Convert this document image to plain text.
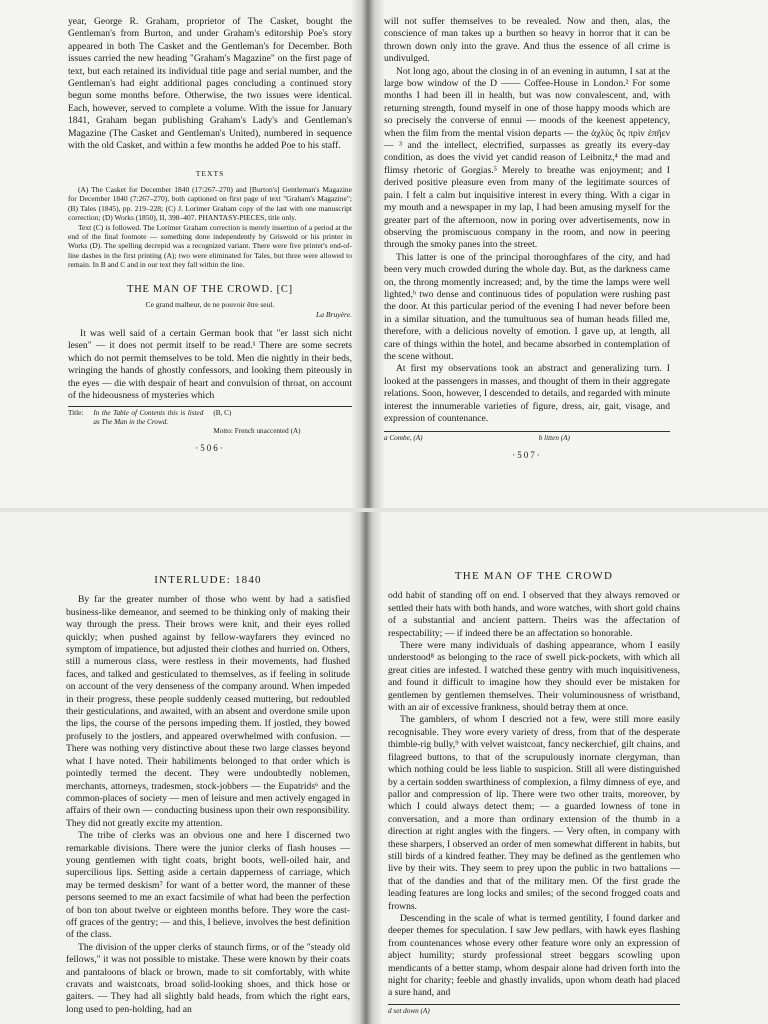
year, George R. Graham, proprietor of The Casket, bought the Gentleman's from Burton, and under Graham's editorship Poe's story appeared in both The Casket and the Gentleman's for December. Both issues carried the new heading "Graham's Magazine" on the first page of text, but each retained its individual title page and serial number, and the Gentleman's had eight additional pages concluding a continued story begun some months before. Otherwise, the two issues were identical. Each, however, served to complete a volume. With the issue for January 1841, Graham began publishing Graham's Lady's and Gentleman's Magazine (The Casket and Gentleman's United), numbered in sequence with the old Casket, and within a few months he added Poe to his staff.

TEXTS

(A) The Casket for December 1840 (17:267–270) and [Burton's] Gentleman's Magazine for December 1840 (7:267–270), both captioned on first page of text "Graham's Magazine"; (B) Tales (1845), pp. 219–228; (C) J. Lorimer Graham copy of the last with one manuscript correction; (D) Works (1850), II, 398–407. PHANTASY-PIECES, title only.

Text (C) is followed. The Lorimer Graham correction is merely insertion of a period at the end of the final footnote — something done independently by Griswold or his printer in Works (D). The spelling decrepid was a recognized variant. There were five printer's end-of-line dashes in the first printing (A); two were eliminated for Tales, but three were allowed to remain. In B and C and in our text they fall within the line.

THE MAN OF THE CROWD. [C]
Ce grand malheur, de ne pouvoir être seul.
La Bruyère.

It was well said of a certain German book that "er lasst sich nicht lesen" — it does not permit itself to be read.¹ There are some secrets which do not permit themselves to be told. Men die nightly in their beds, wringing the hands of ghostly confessors, and looking them piteously in the eyes — die with despair of heart and convulsion of throat, on account of the hideousness of mysteries which

Title:	In the Table of Contents this is listed as The Man in the Crowd.	(B, C)
		Motto: French unaccented (A)
·506·

will not suffer themselves to be revealed. Now and then, alas, the conscience of man takes up a burthen so heavy in horror that it can be thrown down only into the grave. And thus the essence of all crime is undivulged.

Not long ago, about the closing in of an evening in autumn, I sat at the large bow window of the D —— Coffee-House in London.² For some months I had been ill in health, but was now convalescent, and, with returning strength, found myself in one of those happy moods which are so precisely the converse of ennui — moods of the keenest appetency, when the film from the mental vision departs — the ἀχλὺς ὃς πρὶν ἐπῆεν — ³ and the intellect, electrified, surpasses as greatly its every-day condition, as does the vivid yet candid reason of Leibnitz,⁴ the mad and flimsy rhetoric of Gorgias.⁵ Merely to breathe was enjoyment; and I derived positive pleasure even from many of the legitimate sources of pain. I felt a calm but inquisitive interest in every thing. With a cigar in my mouth and a newspaper in my lap, I had been amusing myself for the greater part of the afternoon, now in poring over advertisements, now in observing the promiscuous company in the room, and now in peering through the smoky panes into the street.

This latter is one of the principal thoroughfares of the city, and had been very much crowded during the whole day. But, as the darkness came on, the throng momently increased; and, by the time the lamps were well lighted,ᵇ two dense and continuous tides of population were rushing past the door. At this particular period of the evening I had never before been in a similar situation, and the tumultuous sea of human heads filled me, therefore, with a delicious novelty of emotion. I gave up, at length, all care of things within the hotel, and became absorbed in contemplation of the scene without.

At first my observations took an abstract and generalizing turn. I looked at the passengers in masses, and thought of them in their aggregate relations. Soon, however, I descended to details, and regarded with minute interest the innumerable varieties of figure, dress, air, gait, visage, and expression of countenance.

a Combe, (A)	b litten (A)
·507·
INTERLUDE: 1840

By far the greater number of those who went by had a satisfied business-like demeanor, and seemed to be thinking only of making their way through the press. Their brows were knit, and their eyes rolled quickly; when pushed against by fellow-wayfarers they evinced no symptom of impatience, but adjusted their clothes and hurried on. Others, still a numerous class, were restless in their movements, had flushed faces, and talked and gesticulated to themselves, as if feeling in solitude on account of the very denseness of the company around. When impeded in their progress, these people suddenly ceased muttering, but redoubled their gesticulations, and awaited, with an absent and overdone smile upon the lips, the course of the persons impeding them. If jostled, they bowed profusely to the jostlers, and appeared overwhelmed with confusion. — There was nothing very distinctive about these two large classes beyond what I have noted. Their habiliments belonged to that order which is pointedly termed the decent. They were undoubtedly noblemen, merchants, attorneys, tradesmen, stock-jobbers — the Eupatrids⁶ and the common-places of society — men of leisure and men actively engaged in affairs of their own — conducting business upon their own responsibility. They did not greatly excite my attention.

The tribe of clerks was an obvious one and here I discerned two remarkable divisions. There were the junior clerks of flash houses — young gentlemen with tight coats, bright boots, well-oiled hair, and supercilious lips. Setting aside a certain dapperness of carriage, which may be termed deskism⁷ for want of a better word, the manner of these persons seemed to me an exact facsimile of what had been the perfection of bon ton about twelve or eighteen months before. They wore the cast-off graces of the gentry; — and this, I believe, involves the best definition of the class.

The division of the upper clerks of staunch firms, or of the "steady old fellows," it was not possible to mistake. These were known by their coats and pantaloons of black or brown, made to sit comfortably, with white cravats and waistcoats, broad solid-looking shoes, and thick hose or gaiters. — They had all slightly bald heads, from which the right ears, long used to pen-holding, had an

THE MAN OF THE CROWD

odd habit of standing off on end. I observed that they always removed or settled their hats with both hands, and wore watches, with short gold chains of a substantial and ancient pattern. Theirs was the affectation of respectability; — if indeed there be an affectation so honorable.

There were many individuals of dashing appearance, whom I easily understood⁸ as belonging to the race of swell pick-pockets, with which all great cities are infested. I watched these gentry with much inquisitiveness, and found it difficult to imagine how they should ever be mistaken for gentlemen by gentlemen themselves. Their voluminousness of wristband, with an air of excessive frankness, should betray them at once.

The gamblers, of whom I descried not a few, were still more easily recognisable. They wore every variety of dress, from that of the desperate thimble-rig bully,⁹ with velvet waistcoat, fancy neckerchief, gilt chains, and filagreed buttons, to that of the scrupulously inornate clergyman, than which nothing could be less liable to suspicion. Still all were distinguished by a certain sodden swarthiness of complexion, a filmy dimness of eye, and pallor and compression of lip. There were two other traits, moreover, by which I could always detect them; — a guarded lowness of tone in conversation, and a more than ordinary extension of the thumb in a direction at right angles with the fingers. — Very often, in company with these sharpers, I observed an order of men somewhat different in habits, but still birds of a kindred feather. They may be defined as the gentlemen who live by their wits. They seem to prey upon the public in two battalions — that of the dandies and that of the military men. Of the first grade the leading features are long locks and smiles; of the second frogged coats and frowns.

Descending in the scale of what is termed gentility, I found darker and deeper themes for speculation. I saw Jew pedlars, with hawk eyes flashing from countenances whose every other feature wore only an expression of abject humility; sturdy professional street beggars scowling upon mendicants of a better stamp, whom despair alone had driven forth into the night for charity; feeble and ghastly invalids, upon whom death had placed a sure hand, and

d set down (A)
